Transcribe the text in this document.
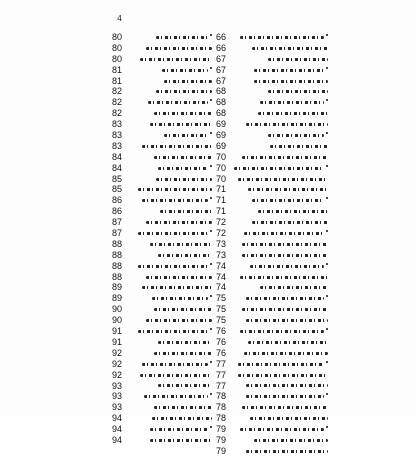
4
80
80
80
81
81
82
82
82
83
83
83
84
84
85
85
86
86
87
87
88
88
88
88
89
89
90
90
91
91
92
92
92
93
93
93
94
94
94
66
66
67
67
67
68
68
68
69
69
69
70
70
70
71
71
71
72
72
73
73
74
74
74
75
75
75
76
76
76
77
77
77
78
78
78
79
79
79
